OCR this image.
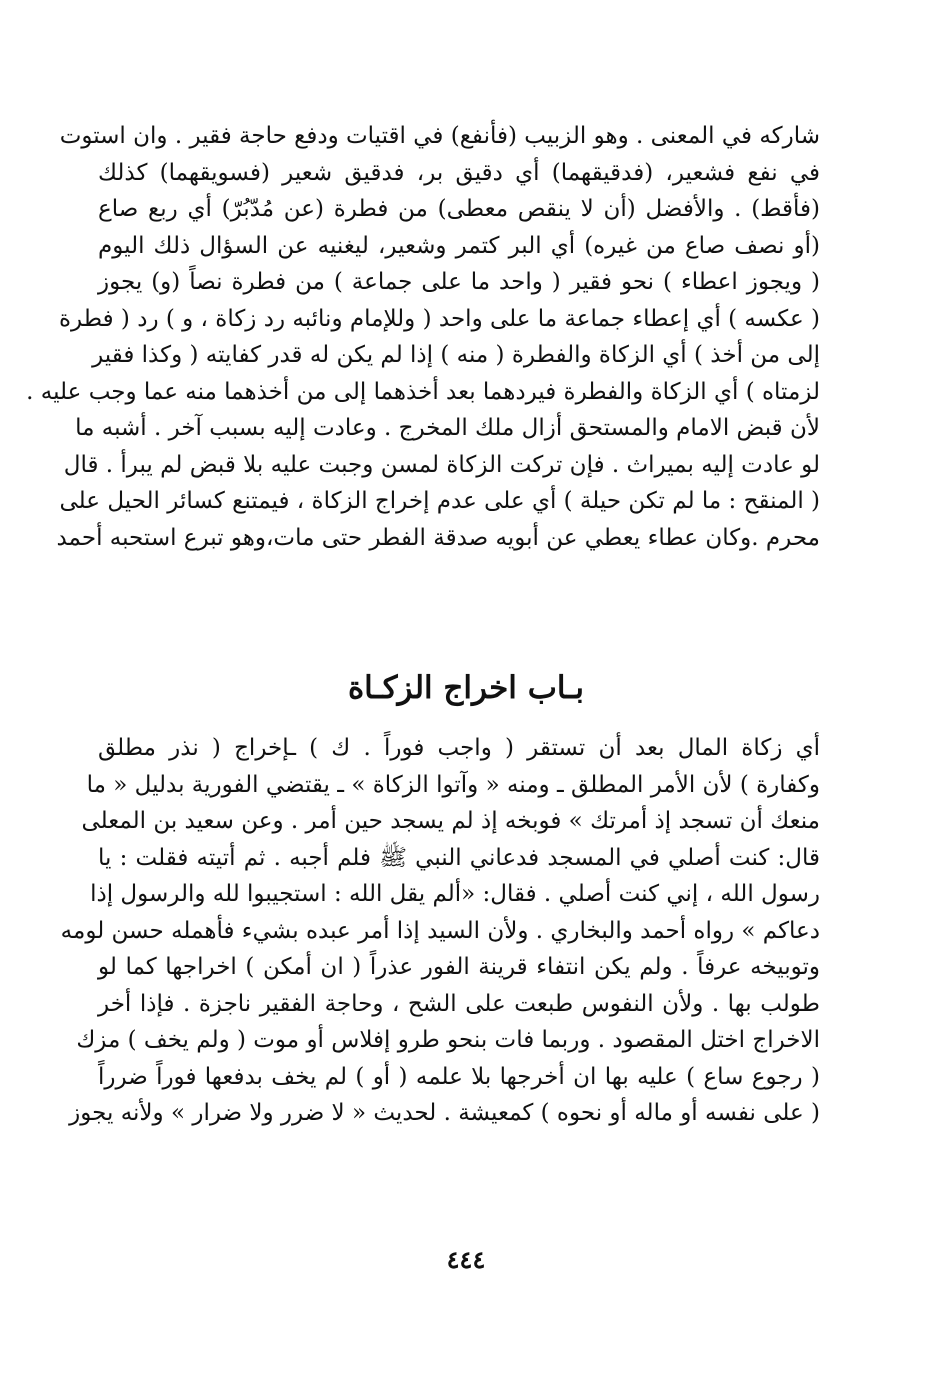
شاركه في المعنى . وهو الزبيب (فأنفع) في اقتيات ودفع حاجة فقير . وان استوت

في نفع فشعير، (فدقيقهما) أي دقيق بر، فدقيق شعير (فسويقهما) كذلك

(فأقط) . والأفضل (أن لا ينقص معطى) من فطرة (عن مُدّبُرّ) أي ربع صاع

(أو نصف صاع من غيره) أي البر كتمر وشعير، ليغنيه عن السؤال ذلك اليوم

( ويجوز اعطاء ) نحو فقير ( واحد ما على جماعة ) من فطرة نصاً (و) يجوز

( عكسه ) أي إعطاء جماعة ما على واحد ( وللإمام ونائبه رد زكاة ، و ) رد ( فطرة

إلى من أخذ ) أي الزكاة والفطرة ( منه ) إذا لم يكن له قدر كفايته ( وكذا فقير

لزمتاه ) أي الزكاة والفطرة فيردهما بعد أخذهما إلى من أخذهما منه عما وجب عليه .

لأن قبض الامام والمستحق أزال ملك المخرج . وعادت إليه بسبب آخر . أشبه ما

لو عادت إليه بميراث . فإن تركت الزكاة لمسن وجبت عليه بلا قبض لم يبرأ . قال

( المنقح : ما لم تكن حيلة ) أي على عدم إخراج الزكاة ، فيمتنع كسائر الحيل على

محرم .وكان عطاء يعطي عن أبويه صدقة الفطر حتى مات،وهو تبرع استحبه أحمد

بـاب اخراج الزكـاة

أي زكاة المال بعد أن تستقر ( واجب فوراً . ك ) ـإخراج ( نذر مطلق

وكفارة ) لأن الأمر المطلق ـ ومنه « وآتوا الزكاة » ـ يقتضي الفورية بدليل « ما

منعك أن تسجد إذ أمرتك » فوبخه إذ لم يسجد حين أمر . وعن سعيد بن المعلى

قال: كنت أصلي في المسجد فدعاني النبي ﷺ فلم أجبه . ثم أتيته فقلت : يا

رسول الله ، إني كنت أصلي . فقال: «ألم يقل الله : استجيبوا لله والرسول إذا

دعاكم » رواه أحمد والبخاري . ولأن السيد إذا أمر عبده بشيء فأهمله حسن لومه

وتوبيخه عرفاً . ولم يكن انتفاء قرينة الفور عذراً ( ان أمكن ) اخراجها كما لو

طولب بها . ولأن النفوس طبعت على الشح ، وحاجة الفقير ناجزة . فإذا أخر

الاخراج اختل المقصود . وربما فات بنحو طرو إفلاس أو موت ( ولم يخف ) مزك

( رجوع ساع ) عليه بها ان أخرجها بلا علمه ( أو ) لم يخف بدفعها فوراً ضرراً

( على نفسه أو ماله أو نحوه ) كمعيشة . لحديث « لا ضرر ولا ضرار » ولأنه يجوز

٤٤٤
